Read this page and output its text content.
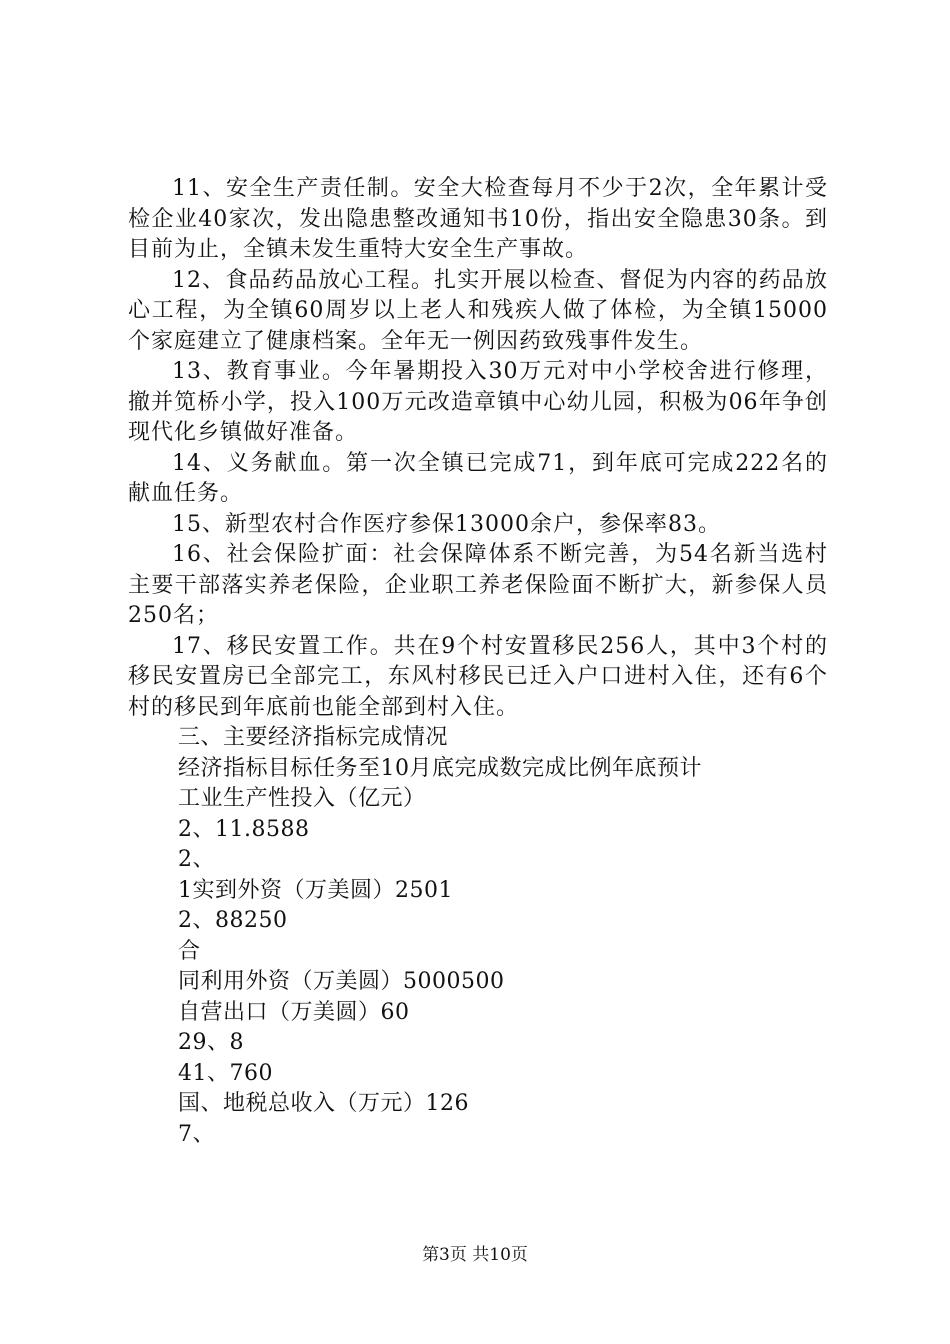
11、安全生产责任制。安全大检查每月不少于2次，全年累计受检企业40家次，发出隐患整改通知书10份，指出安全隐患30条。到目前为止，全镇未发生重特大安全生产事故。

12、食品药品放心工程。扎实开展以检查、督促为内容的药品放心工程，为全镇60周岁以上老人和残疾人做了体检，为全镇15000个家庭建立了健康档案。全年无一例因药致残事件发生。

13、教育事业。今年暑期投入30万元对中小学校舍进行修理，撤并笕桥小学，投入100万元改造章镇中心幼儿园，积极为06年争创现代化乡镇做好准备。

14、义务献血。第一次全镇已完成71，到年底可完成222名的献血任务。

15、新型农村合作医疗参保13000余户，参保率83。

16、社会保险扩面：社会保障体系不断完善，为54名新当选村主要干部落实养老保险，企业职工养老保险面不断扩大，新参保人员250名；

17、移民安置工作。共在9个村安置移民256人，其中3个村的移民安置房已全部完工，东风村移民已迁入户口进村入住，还有6个村的移民到年底前也能全部到村入住。

三、主要经济指标完成情况

经济指标目标任务至10月底完成数完成比例年底预计

工业生产性投入（亿元）

2、11.8588

2、

1实到外资（万美圆）2501

2、88250

合

同利用外资（万美圆）5000500

自营出口（万美圆）60

29、8

41、760

国、地税总收入（万元）126

7、

第3页 共10页
